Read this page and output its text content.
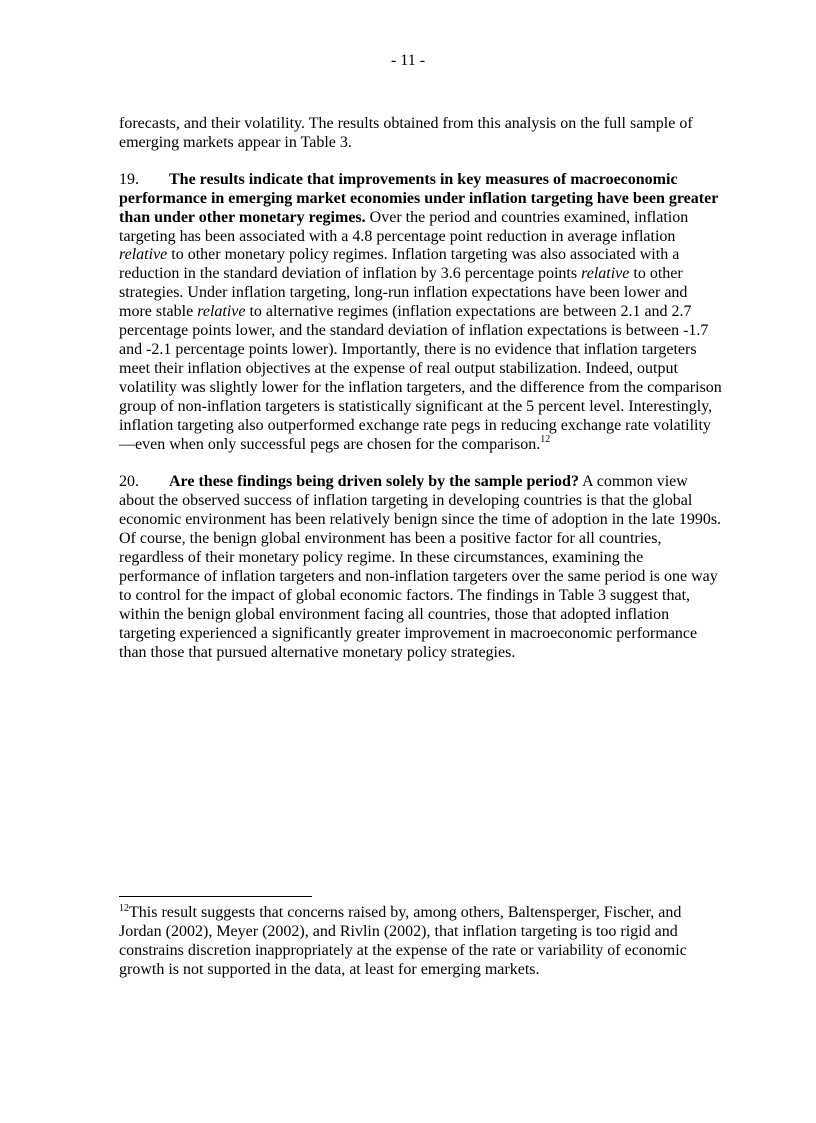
- 11 -

forecasts, and their volatility. The results obtained from this analysis on the full sample of emerging markets appear in Table 3.

19. The results indicate that improvements in key measures of macroeconomic performance in emerging market economies under inflation targeting have been greater than under other monetary regimes. Over the period and countries examined, inflation targeting has been associated with a 4.8 percentage point reduction in average inflation relative to other monetary policy regimes. Inflation targeting was also associated with a reduction in the standard deviation of inflation by 3.6 percentage points relative to other strategies. Under inflation targeting, long-run inflation expectations have been lower and more stable relative to alternative regimes (inflation expectations are between 2.1 and 2.7 percentage points lower, and the standard deviation of inflation expectations is between -1.7 and -2.1 percentage points lower). Importantly, there is no evidence that inflation targeters meet their inflation objectives at the expense of real output stabilization. Indeed, output volatility was slightly lower for the inflation targeters, and the difference from the comparison group of non-inflation targeters is statistically significant at the 5 percent level. Interestingly, inflation targeting also outperformed exchange rate pegs in reducing exchange rate volatility—even when only successful pegs are chosen for the comparison.$^{12}$

20. Are these findings being driven solely by the sample period? A common view about the observed success of inflation targeting in developing countries is that the global economic environment has been relatively benign since the time of adoption in the late 1990s. Of course, the benign global environment has been a positive factor for all countries, regardless of their monetary policy regime. In these circumstances, examining the performance of inflation targeters and non-inflation targeters over the same period is one way to control for the impact of global economic factors. The findings in Table 3 suggest that, within the benign global environment facing all countries, those that adopted inflation targeting experienced a significantly greater improvement in macroeconomic performance than those that pursued alternative monetary policy strategies.

$^{12}$This result suggests that concerns raised by, among others, Baltensperger, Fischer, and Jordan (2002), Meyer (2002), and Rivlin (2002), that inflation targeting is too rigid and constrains discretion inappropriately at the expense of the rate or variability of economic growth is not supported in the data, at least for emerging markets.
